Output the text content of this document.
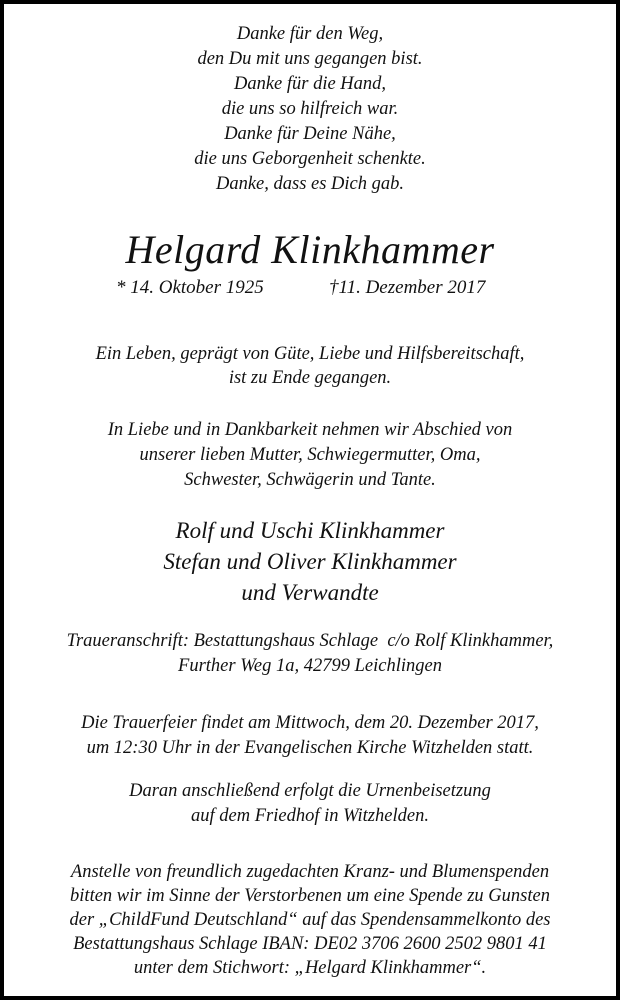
Danke für den Weg,
den Du mit uns gegangen bist.
Danke für die Hand,
die uns so hilfreich war.
Danke für Deine Nähe,
die uns Geborgenheit schenkte.
Danke, dass es Dich gab.
Helgard Klinkhammer
* 14. Oktober 1925	†11. Dezember 2017
Ein Leben, geprägt von Güte, Liebe und Hilfsbereitschaft,
ist zu Ende gegangen.
In Liebe und in Dankbarkeit nehmen wir Abschied von
unserer lieben Mutter, Schwiegermutter, Oma,
Schwester, Schwägerin und Tante.
Rolf und Uschi Klinkhammer
Stefan und Oliver Klinkhammer
und Verwandte
Traueranschrift: Bestattungshaus Schlage  c/o Rolf Klinkhammer,
Further Weg 1a, 42799 Leichlingen
Die Trauerfeier findet am Mittwoch, dem 20. Dezember 2017,
um 12:30 Uhr in der Evangelischen Kirche Witzhelden statt.
Daran anschließend erfolgt die Urnenbeisetzung
auf dem Friedhof in Witzhelden.
Anstelle von freundlich zugedachten Kranz- und Blumenspenden
bitten wir im Sinne der Verstorbenen um eine Spende zu Gunsten
der „ChildFund Deutschland“ auf das Spendensammelkonto des
Bestattungshaus Schlage IBAN: DE02 3706 2600 2502 9801 41
unter dem Stichwort: „Helgard Klinkhammer“.
